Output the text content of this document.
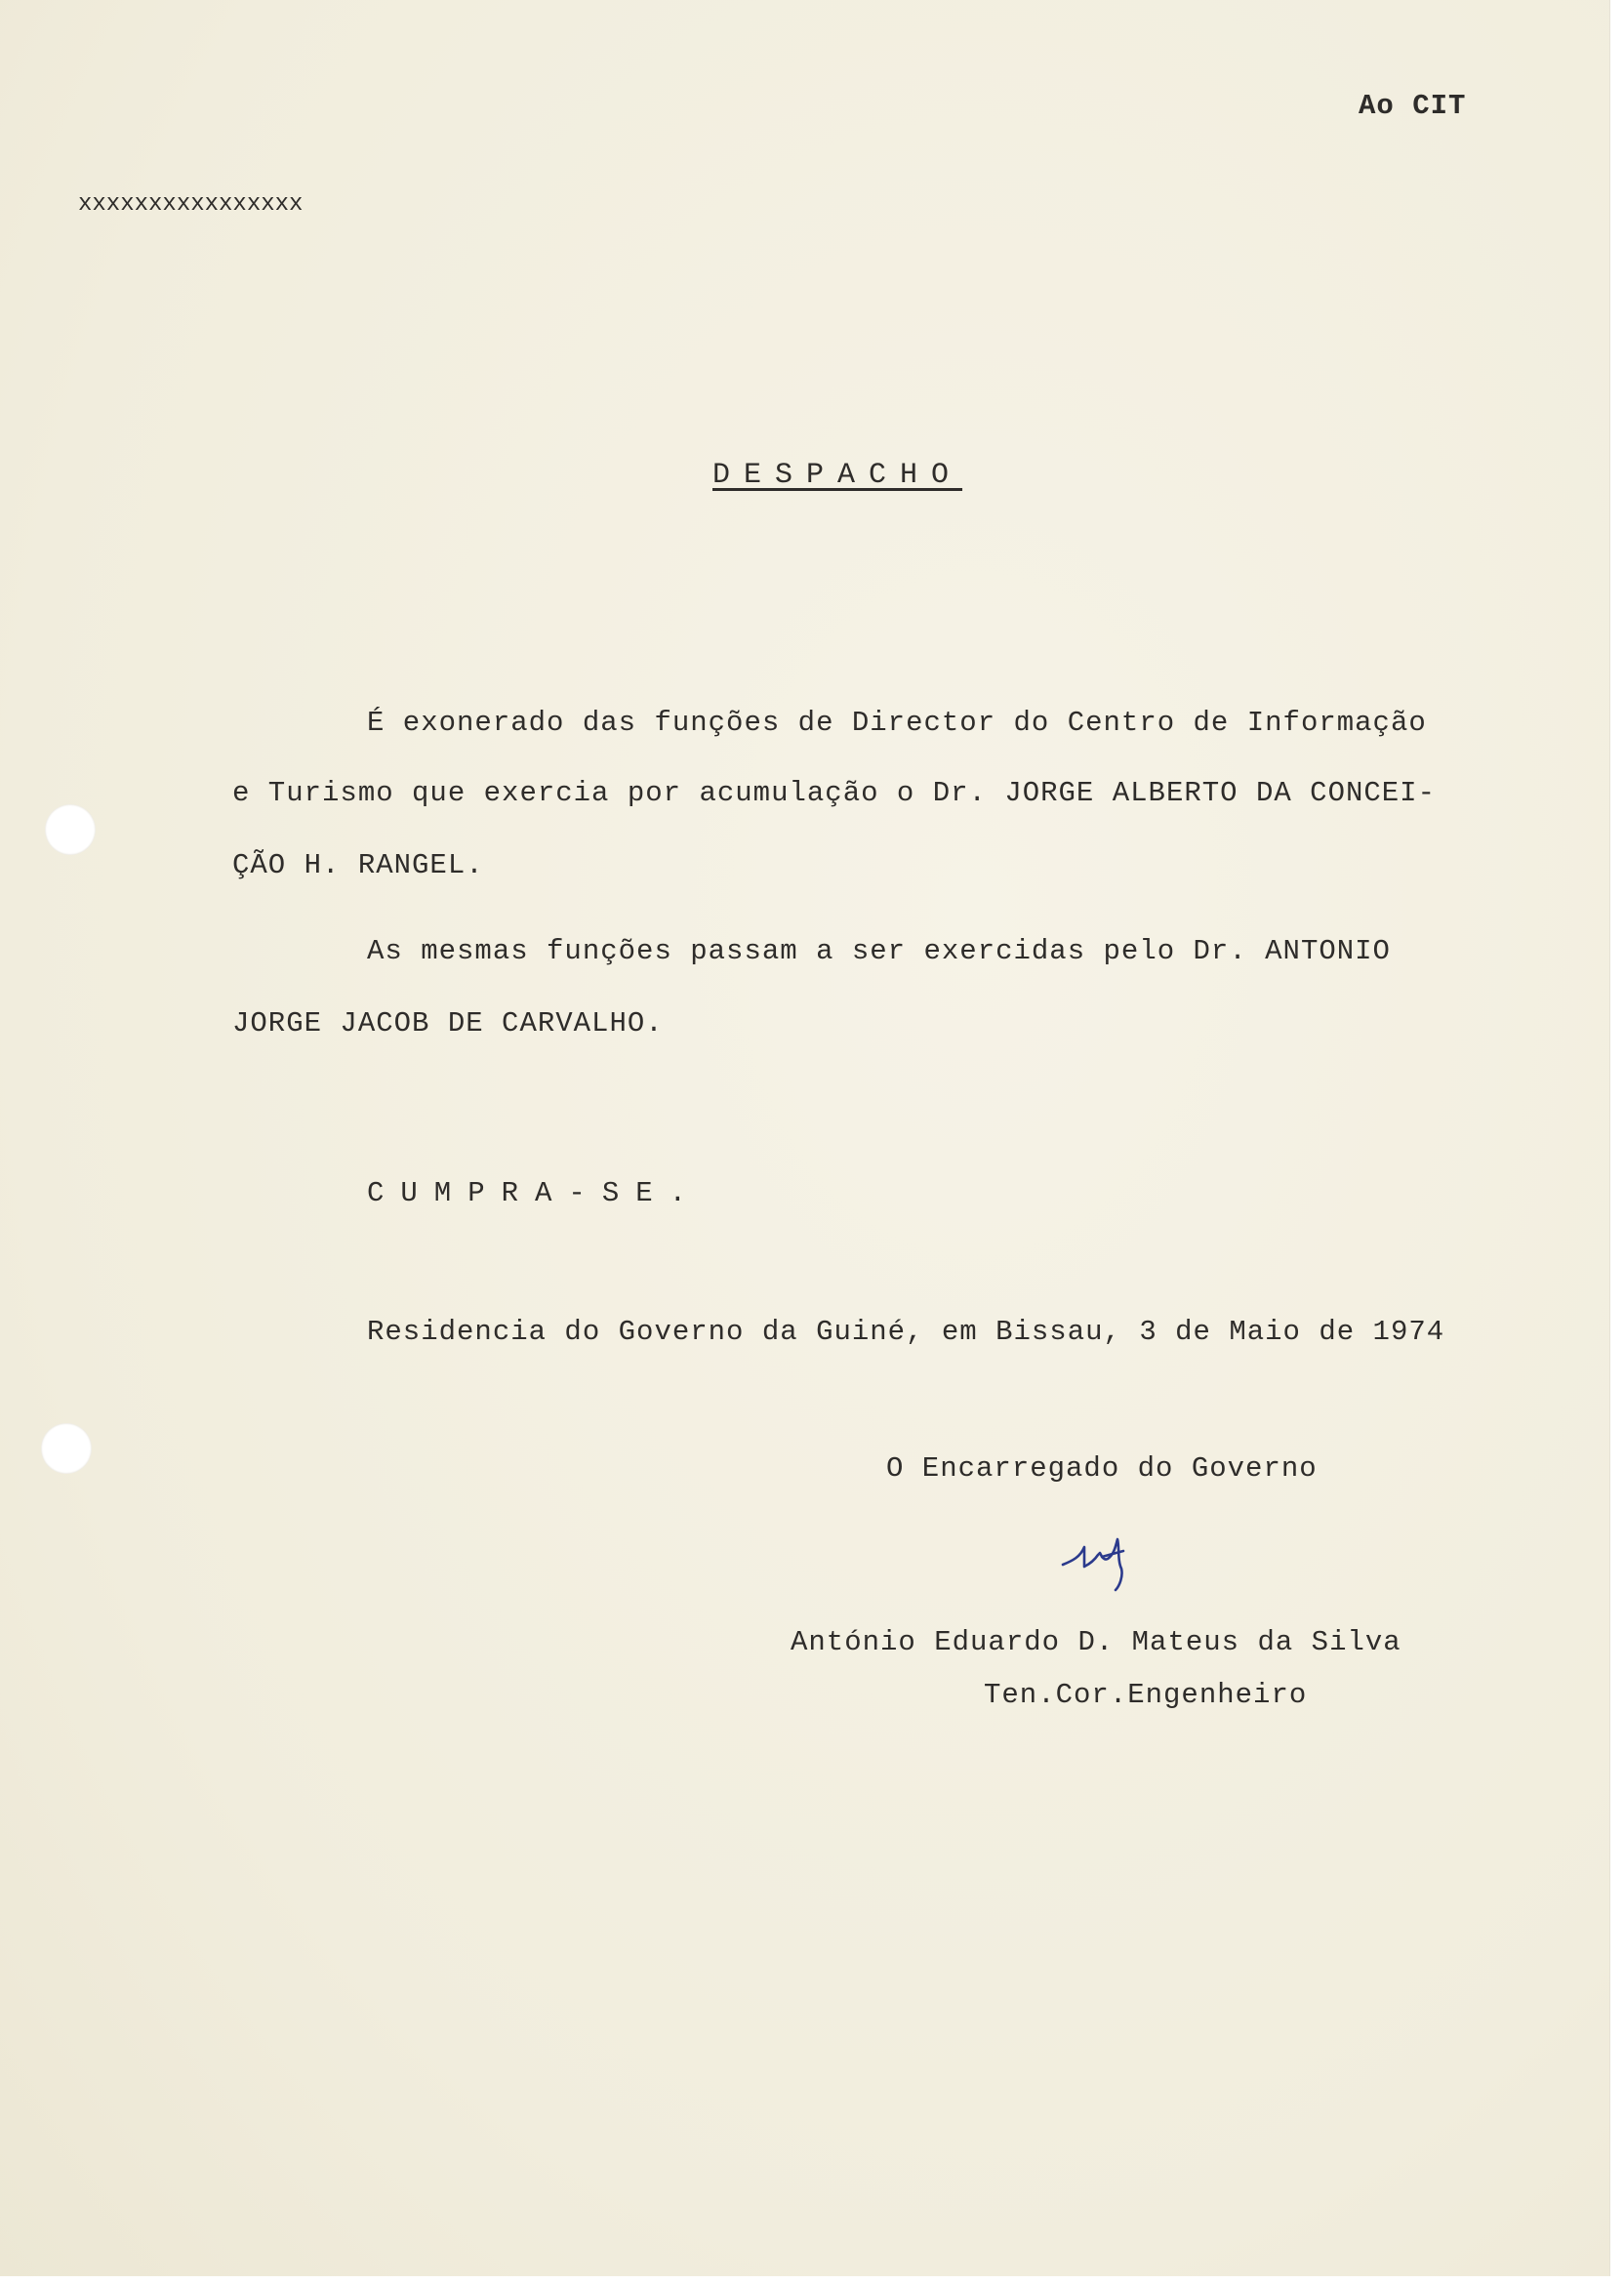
Ao CIT
xxxxxxxxxxxxxxxx
DESPACHO
É exonerado das funções de Director do Centro de Informação
e Turismo que exercia por acumulação o Dr. JORGE ALBERTO DA CONCEI-
ÇÃO H. RANGEL.
As mesmas funções passam a ser exercidas pelo Dr. ANTONIO
JORGE JACOB DE CARVALHO.
CUMPRA-SE.
Residencia do Governo da Guiné, em Bissau, 3 de Maio de 1974
O Encarregado do Governo
António Eduardo D. Mateus da Silva
Ten.Cor.Engenheiro
